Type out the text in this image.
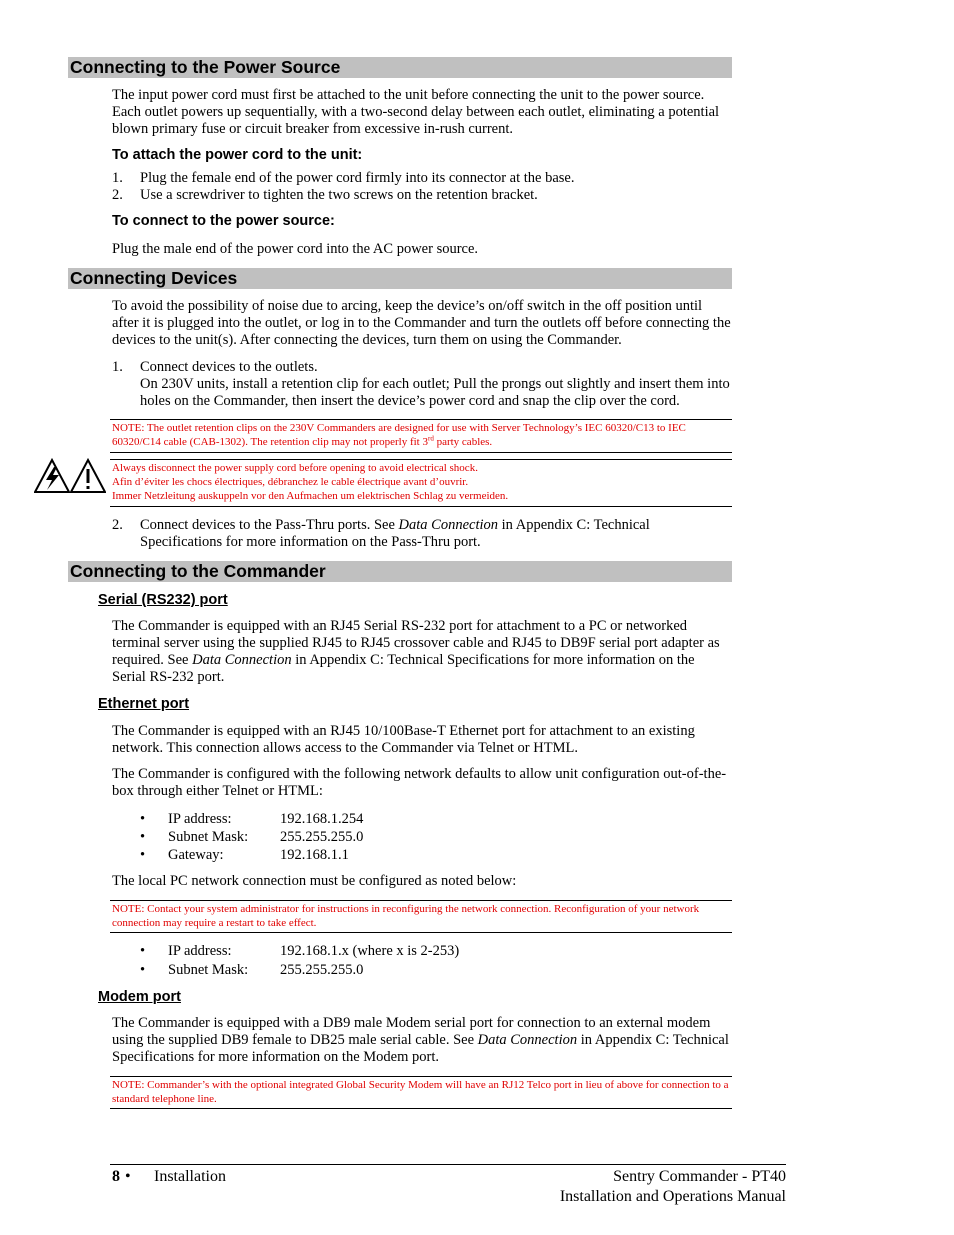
Connecting to the Power Source
The input power cord must first be attached to the unit before connecting the unit to the power source. Each outlet powers up sequentially, with a two-second delay between each outlet, eliminating a potential blown primary fuse or circuit breaker from excessive in-rush current.
To attach the power cord to the unit:
1. Plug the female end of the power cord firmly into its connector at the base.
2. Use a screwdriver to tighten the two screws on the retention bracket.
To connect to the power source:
Plug the male end of the power cord into the AC power source.
Connecting Devices
To avoid the possibility of noise due to arcing, keep the device’s on/off switch in the off position until after it is plugged into the outlet, or log in to the Commander and turn the outlets off before connecting the devices to the unit(s). After connecting the devices, turn them on using the Commander.
1. Connect devices to the outlets.
On 230V units, install a retention clip for each outlet; Pull the prongs out slightly and insert them into holes on the Commander, then insert the device’s power cord and snap the clip over the cord.
NOTE: The outlet retention clips on the 230V Commanders are designed for use with Server Technology’s IEC 60320/C13 to IEC 60320/C14 cable (CAB-1302). The retention clip may not properly fit 3rd party cables.
Always disconnect the power supply cord before opening to avoid electrical shock.
Afin d’éviter les chocs électriques, débranchez le cable électrique avant d’ouvrir.
Immer Netzleitung auskuppeln vor den Aufmachen um elektrischen Schlag zu vermeiden.
2. Connect devices to the Pass-Thru ports. See Data Connection in Appendix C: Technical Specifications for more information on the Pass-Thru port.
Connecting to the Commander
Serial (RS232) port
The Commander is equipped with an RJ45 Serial RS-232 port for attachment to a PC or networked terminal server using the supplied RJ45 to RJ45 crossover cable and RJ45 to DB9F serial port adapter as required. See Data Connection in Appendix C: Technical Specifications for more information on the Serial RS-232 port.
Ethernet port
The Commander is equipped with an RJ45 10/100Base-T Ethernet port for attachment to an existing network. This connection allows access to the Commander via Telnet or HTML.
The Commander is configured with the following network defaults to allow unit configuration out-of-the-box through either Telnet or HTML:
• IP address:	192.168.1.254
• Subnet Mask: 255.255.255.0
• Gateway:	192.168.1.1
The local PC network connection must be configured as noted below:
NOTE: Contact your system administrator for instructions in reconfiguring the network connection. Reconfiguration of your network connection may require a restart to take effect.
• IP address:	192.168.1.x (where x is 2-253)
• Subnet Mask: 255.255.255.0
Modem port
The Commander is equipped with a DB9 male Modem serial port for connection to an external modem using the supplied DB9 female to DB25 male serial cable. See Data Connection in Appendix C: Technical Specifications for more information on the Modem port.
NOTE: Commander’s with the optional integrated Global Security Modem will have an RJ12 Telco port in lieu of above for connection to a standard telephone line.
8 • Installation	Sentry Commander - PT40
Installation and Operations Manual
